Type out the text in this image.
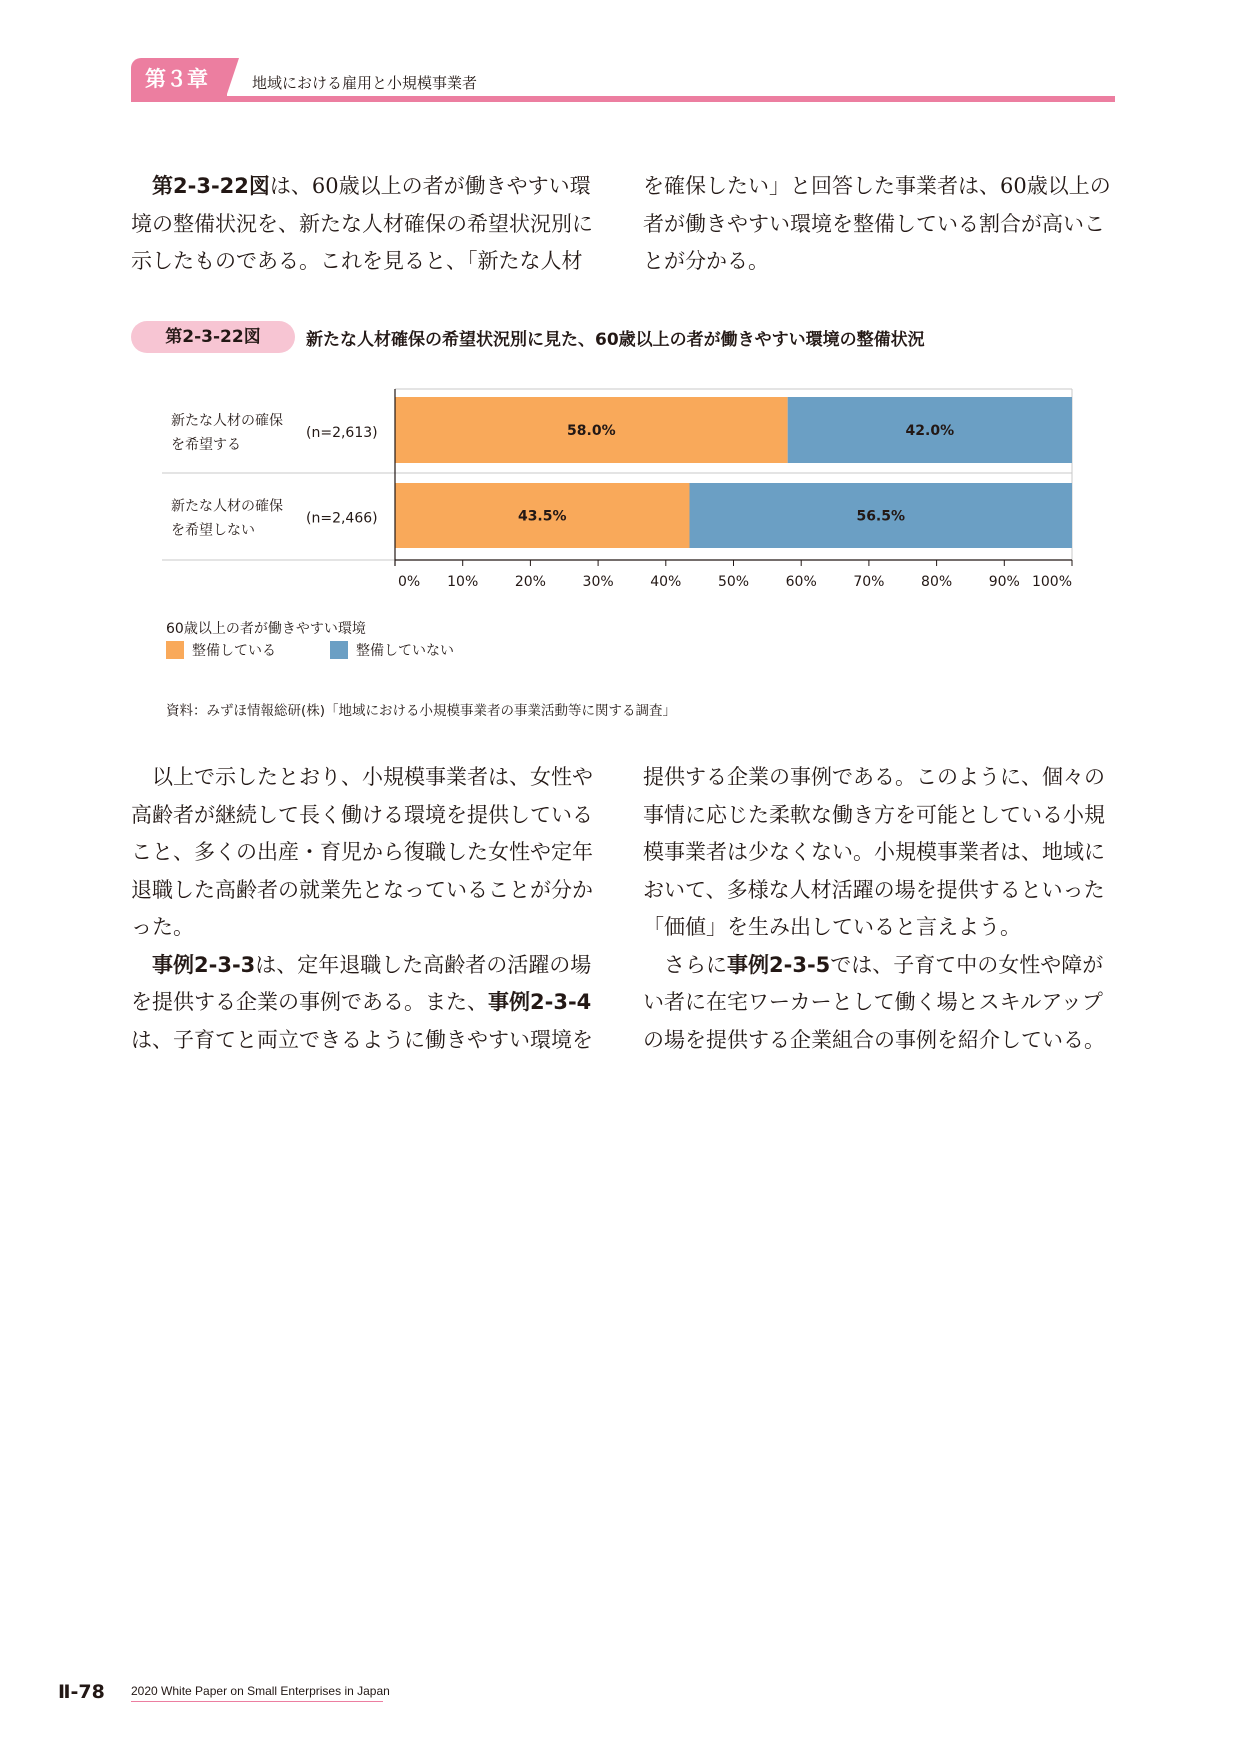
第３章	地域における雇用と小規模事業者

第2-3-22図は、60歳以上の者が働きやすい環境の整備状況を、新たな人材確保の希望状況別に示したものである。これを見ると、「新たな人材

を確保したい」と回答した事業者は、60歳以上の者が働きやすい環境を整備している割合が高いことが分かる。

第2-3-22図	新たな人材確保の希望状況別に見た、60歳以上の者が働きやすい環境の整備状況
58.0%	42.0%
43.5%	56.5%
0% 10%	20%	30%	40%	50%	60%	70%	80%	90% 100%
新たな人材の確保
を希望する
(n=2,613)
新たな人材の確保
を希望しない
(n=2,466)
60歳以上の者が働きやすい環境
整備している	整備していない
資料：みずほ情報総研(株)「地域における小規模事業者の事業活動等に関する調査」

以上で示したとおり、小規模事業者は、女性や高齢者が継続して長く働ける環境を提供していること、多くの出産・育児から復職した女性や定年退職した高齢者の就業先となっていることが分かった。

事例2-3-3は、定年退職した高齢者の活躍の場を提供する企業の事例である。また、事例2-3-4は、子育てと両立できるように働きやすい環境を

提供する企業の事例である。このように、個々の事情に応じた柔軟な働き方を可能としている小規模事業者は少なくない。小規模事業者は、地域において、多様な人材活躍の場を提供するといった「価値」を生み出していると言えよう。

さらに事例2-3-5では、子育て中の女性や障がい者に在宅ワーカーとして働く場とスキルアップの場を提供する企業組合の事例を紹介している。

Ⅱ-78 2020 White Paper on Small Enterprises in Japan
